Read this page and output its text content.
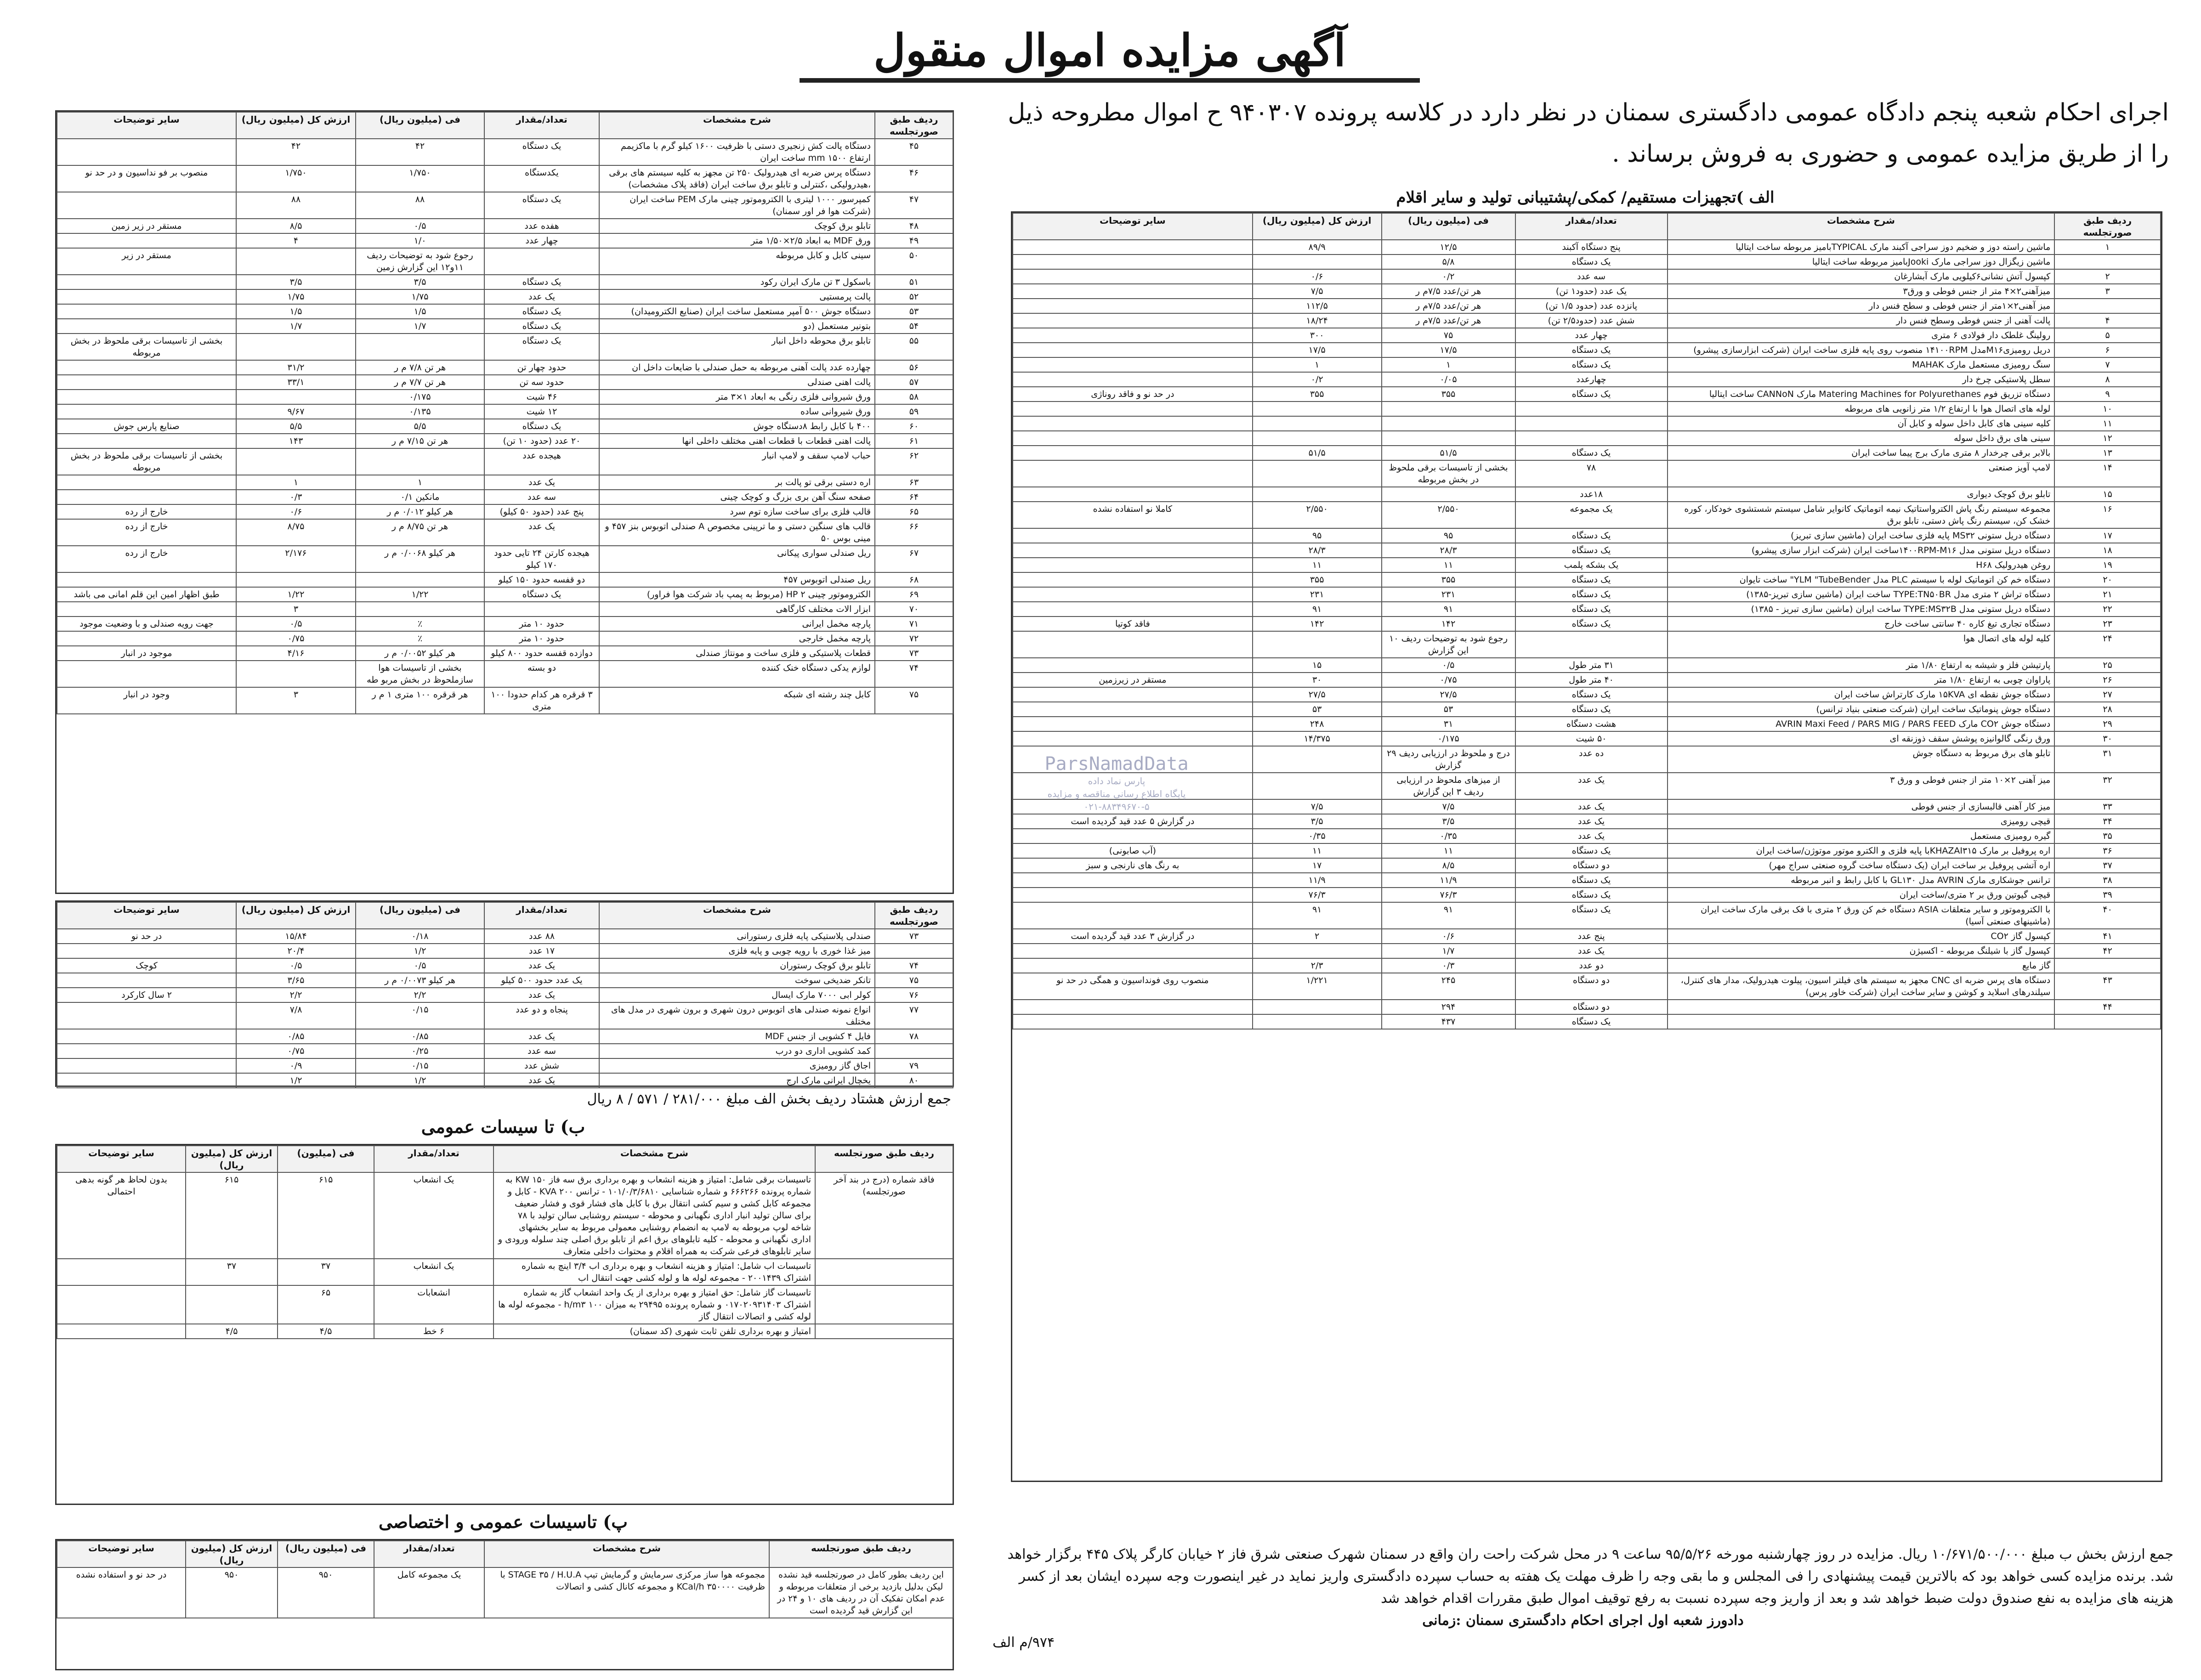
آگهی مزایده اموال منقول
اجرای احکام شعبه پنجم دادگاه عمومی دادگستری سمنان در نظر دارد در کلاسه پرونده ۹۴۰۳۰۷ ح اموال مطروحه ذیل را از طریق مزایده عمومی و حضوری به فروش برساند .
الف )تجهیزات مستقیم/ کمکی/پشتیبانی تولید و سایر اقلام
ردیف طبق صورتجلسه	شرح مشخصات	تعداد/مقدار	فی (میلیون ریال)	ارزش کل (میلیون ریال)	سایر توضیحات
۱	ماشین راسته دوز و ضخیم دوز سراجی آکبند مارک TYPICALبامیز مربوطه ساخت ایتالیا	پنج دستگاه آکبند	۱۲/۵	۸۹/۹	
	ماشین زیگزال دوز سراجی مارک Jookiبامیز مربوطه ساخت ایتالیا	یک دستگاه	۵/۸		
۲	کپسول آتش نشانی۶کیلویی مارک آبشارغان	سه عدد	۰/۲	۰/۶	
۳	میزآهنی۲×۴ متر از جنس فوطی و ورق۳	یک عدد (حدود۱ تن)	هر تن/عدد ۷/۵م ر	۷/۵	
	میز آهنی۲×۱متر از جنس فوطی و سطح فنس دار	پانزده عدد (حدود ۱/۵ تن)	هر تن/عدد ۷/۵م ر	۱۱۲/۵	
۴	پالت آهنی از جنس فوطی وسطح فنس دار	شش عدد (حدود۲/۵ تن)	هر تن/عدد ۷/۵م ر	۱۸/۲۴	
۵	رولینگ غلطک دار فولادی ۶ متری	چهار عدد	۷۵	۳۰۰	
۶	دریل رومیزیM۱۶مدل ۱۴۱۰۰RPM منصوب روی پایه فلزی ساخت ایران (شرکت ابزارسازی پیشرو)	یک دستگاه	۱۷/۵	۱۷/۵	
۷	سنگ رومیزی مستعمل مارک MAHAK	یک دستگاه	۱	۱	
۸	سطل پلاستیکی چرخ دار	چهارعدد	۰/۰۵	۰/۲	
۹	دستگاه تزریق فوم Matering Machines for Polyurethanes مارک CANNoN ساخت ایتالیا	یک دستگاه	۳۵۵	۳۵۵	در حد نو و فاقد روناژی
۱۰	لوله های اتصال هوا با ارتفاع ۱/۲ متر زانویی های مربوطه				
۱۱	کلیه سینی های کابل داخل سوله و کابل آن				
۱۲	سینی های برق داخل سوله				
۱۳	بالابر برقی چرخدار ۸ متری مارک برج پیما ساخت ایران	یک دستگاه	۵۱/۵	۵۱/۵	
۱۴	لامپ آویز صنعتی	۷۸	بخشی از تاسیسات برقی ملحوظ در بخش مربوطه		
۱۵	تابلو برق کوچک دیواری	۱۸عدد			
۱۶	مجموعه سیستم رنگ پاش الکترواستاتیک نیمه اتوماتیک کانوایر شامل سیستم شستشوی خودکار، کوره خشک کن، سیستم رنگ پاش دستی، تابلو برق	یک مجموعه	۲/۵۵۰	۲/۵۵۰	کاملا نو استفاده نشده
۱۷	دستگاه دریل ستونی MS۳۲ پایه فلزی ساخت ایران (ماشین سازی تبریز)	یک دستگاه	۹۵	۹۵	
۱۸	دستگاه دریل ستونی مدل ۱۴۰۰RPM-M۱۶ساخت ایران (شرکت ابزار سازی پیشرو)	یک دستگاه	۲۸/۳	۲۸/۳	
۱۹	روغن هیدرولیک H۶۸	یک بشکه پلمب	۱۱	۱۱	
۲۰	دستگاه خم کن اتوماتیک لوله با سیستم PLC مدل YLM "TubeBender" ساخت تایوان	یک دستگاه	۳۵۵	۳۵۵	
۲۱	دستگاه تراش ۲ متری مدل TYPE:TN۵۰BR ساخت ایران (ماشین سازی تبریز-۱۳۸۵)	یک دستگاه	۲۳۱	۲۳۱	
۲۲	دستگاه دریل ستونی مدل TYPE:MS۳۲B ساخت ایران (ماشین سازی تبریز - ۱۳۸۵)	یک دستگاه	۹۱	۹۱	
۲۳	دستگاه تجاری تیغ کاره ۴۰ سانتی ساخت خارج	یک دستگاه	۱۴۲	۱۴۲	فاقد کوتیا
۲۴	کلیه لوله های اتصال هوا		رجوع شود به توضیحات ردیف ۱۰ این گزارش		
۲۵	پارتیشن فلز و شیشه به ارتفاع ۱/۸۰ متر	۳۱ متر طول	۰/۵	۱۵	
۲۶	پاراوان چوبی به ارتفاع ۱/۸۰ متر	۴۰ متر طول	۰/۷۵	۳۰	مستقر در زیرزمین
۲۷	دستگاه جوش نقطه ای ۱۵KVA مارک کارتراش ساخت ایران	یک دستگاه	۲۷/۵	۲۷/۵	
۲۸	دستگاه جوش پنوماتیک ساخت ایران (شرکت صنعتی بنیاد ترانس)	یک دستگاه	۵۳	۵۳	
۲۹	دستگاه جوش CO۲ مارک AVRIN Maxi Feed / PARS MIG / PARS FEED	هشت دستگاه	۳۱	۲۴۸	
۳۰	ورق رنگی گالوانیزه پوشش سقف ذوزنقه ای	۵۰ شیت	۰/۱۷۵	۱۴/۳۷۵	
۳۱	تابلو های برق مربوط به دستگاه جوش	ده عدد	درج و ملحوظ در ارزیابی ردیف ۲۹ گزارش		
۳۲	میز آهنی ۲×۱۰ متر از جنس فوطی و ورق ۳	یک عدد	از میزهای ملحوظ در ارزیابی ردیف ۳ این گزارش		
۳۳	میز کار آهنی قالبسازی از جنس فوطی	یک عدد	۷/۵	۷/۵	
۳۴	قیچی رومیزی	یک عدد	۳/۵	۳/۵	در گزارش ۵ عدد قید گردیده است
۳۵	گیره رومیزی مستعمل	یک عدد	۰/۳۵	۰/۳۵	
۳۶	اره پروفیل بر مارک KHAZAI۳۱۵با پایه فلزی و الکترو موتور موتوژن/ساخت ایران	یک دستگاه	۱۱	۱۱	(آب صابونی)
۳۷	اره آتشی پروفیل بر ساخت ایران (یک دستگاه ساخت گروه صنعتی سراج مهر)	دو دستگاه	۸/۵	۱۷	به رنگ های نارنجی و سبز
۳۸	ترانس جوشکاری مارک AVRIN مدل GL۱۳۰ با کابل رابط و انبر مربوطه	یک دستگاه	۱۱/۹	۱۱/۹	
۳۹	قیچی گیوتین ورق بر ۲ متری/ساخت ایران	یک دستگاه	۷۶/۳	۷۶/۳	
۴۰	با الکتروموتور و سایر متعلقات ASIA دستگاه خم کن ورق ۲ متری با فک برقی مارک ساخت ایران (ماشینهای صنعتی آسیا)	یک دستگاه	۹۱	۹۱	
۴۱	کپسول گاز CO۲	پنج عدد	۰/۶	۲	در گزارش ۳ عدد قید گردیده است
۴۲	کپسول گاز با شیلنگ مربوطه - اکسیژن	یک عدد	۱/۷		
	گاز مایع	دو عدد	۰/۳	۲/۳	
۴۳	دستگاه های پرس ضربه ای CNC مجهز به سیستم های فیلتر اسیون، پیلوت هیدرولیک، مدار های کنترل، سیلندرهای اسلاید و کوشن و سایر ساخت ایران (شرکت خاور پرس)	دو دستگاه	۲۴۵	۱/۲۲۱	منصوب روی فونداسیون و همگی در حد نو
۴۴		دو دستگاه	۲۹۴		
		یک دستگاه	۴۳۷		
ردیف طبق صورتجلسه	شرح مشخصات	تعداد/مقدار	فی (میلیون ریال)	ارزش کل (میلیون ریال)	سایر توضیحات
۴۵	دستگاه پالت کش زنجیری دستی با ظرفیت ۱۶۰۰ کیلو گرم با ماکزیمم ارتفاع ۱۵۰۰ mm ساخت ایران	یک دستگاه	۴۲	۴۲	
۴۶	دستگاه پرس ضربه ای هیدرولیک ۲۵۰ تن مجهز به کلیه سیستم های برقی ،هیدرولیکی ،کنترلی و تابلو برق ساخت ایران (فاقد پلاک مشخصات)	یکدستگاه	۱/۷۵۰	۱/۷۵۰	منصوب بر فو نداسیون و در حد نو
۴۷	کمپرسور ۱۰۰۰ لیتری با الکتروموتور چینی مارک PEM ساخت ایران (شرکت هوا فر اور سمنان)	یک دستگاه	۸۸	۸۸	
۴۸	تابلو برق کوچک	هفده عدد	۰/۵	۸/۵	مستقر در زیر زمین
۴۹	ورق MDF به ابعاد ۲/۵×۱/۵۰ متر	چهار عدد	۱/۰	۴	
۵۰	سینی کابل و کابل مربوطه		رجوع شود به توضیحات ردیف ۱۱و۱۲ این گزارش زمین		مستقر در زیر
۵۱	باسکول ۳ تن مارک ایران رکود	یک دستگاه	۳/۵	۳/۵	
۵۲	پالت پرمستیی	یک عدد	۱/۷۵	۱/۷۵	
۵۳	دستگاه جوش ۵۰۰ آمپر مستعمل ساخت ایران (صنایع الکترومیدان)	یک دستگاه	۱/۵	۱/۵	
۵۴	بتونیر مستعمل (دو	یک دستگاه	۱/۷	۱/۷	
۵۵	تابلو برق محوطه داخل انبار	یک دستگاه			بخشی از تاسیسات برقی ملحوظ در بخش مربوطه
۵۶	چهارده عدد پالت آهنی مربوطه به حمل صندلی با ضایعات داخل ان	حدود چهار تن	هر تن ۷/۸ م ر	۳۱/۲	
۵۷	پالت اهنی صندلی	حدود سه تن	هر تن ۷/۷ م ر	۳۳/۱	
۵۸	ورق شیروانی فلزی رنگی به ابعاد ۱×۳ متر	۴۶ شیت	۰/۱۷۵		
۵۹	ورق شیروانی ساده	۱۲ شیت	۰/۱۳۵	۹/۶۷	
۶۰	۴۰۰ با کابل رابط ۸دستگاه جوش	یک دستگاه	۵/۵	۵/۵	صنایع پارس جوش
۶۱	پالت اهنی قطعات با قطعات اهنی مختلف داخلی انها	۲۰ عدد (حدود ۱۰ تن)	هر تن ۷/۱۵ م ر	۱۴۳	
۶۲	حباب لامپ سقف و لامپ انبار	هیجده عدد			بخشی از تاسیسات برقی ملحوظ در بخش مربوطه
۶۳	اره دستی برقی تو پالت بر	یک عدد	۱	۱	
۶۴	صفحه سنگ آهن بری بزرگ و کوچک چینی	سه عدد	مانکین ۰/۱	۰/۳	
۶۵	قالب فلزی برای ساخت سازه توم سرد	پنج عدد (حدود ۵۰ کیلو)	هر کیلو ۰/۰۱۲ م ر	۰/۶	خارج از رده
۶۶	قالب های سنگین دستی و ما ترپینی مخصوص A صندلی اتوبوس بنز ۴۵۷ و مینی بوس ۵۰	یک عدد	هر تن ۸/۷۵ م ر	۸/۷۵	خارج از رده
۶۷	ریل صندلی سواری پیکانی	هیجده کارتن ۲۴ تایی حدود ۱۷۰ کیلو	هر کیلو ۰/۰۰۶۸ م ر	۲/۱۷۶	خارج از رده
۶۸	ریل صندلی اتوبوس ۴۵۷	دو قفسه حدود ۱۵۰ کیلو			
۶۹	الکتروموتور چینی HP ۲ (مربوط به پمپ باد شرکت هوا فراور)	یک دستگاه	۱/۲۲	۱/۲۲	طبق اظهار امین این قلم امانی می باشد
۷۰	ابزار الات مختلف کارگاهی			۳	
۷۱	پارچه مخمل ایرانی	حدود ۱۰ متر	٪	۰/۵	جهت رویه صندلی و با وضعیت موجود
۷۲	پارچه مخمل خارجی	حدود ۱۰ متر	٪	۰/۷۵	
۷۳	قطعات پلاستیکی و فلزی ساخت و مونتاژ صندلی	دوازده قفسه حدود ۸۰۰ کیلو	هر کیلو ۰/۰۰۵۲ م ر	۴/۱۶	موجود در انبار
۷۴	لوازم یدکی دستگاه خنک کننده	دو بسته	بخشی از تاسیسات هوا سازملحوظ در بخش مربو طه		
۷۵	کابل چند رشته ای شبکه	۳ قرقره هر کدام حدودا ۱۰۰ متری	هر قرقره ۱۰۰ متری ۱ م ر	۳	وجود در انبار
ردیف طبق صورتجلسه	شرح مشخصات	تعداد/مقدار	فی (میلیون ریال)	ارزش کل (میلیون ریال)	سایر توضیحات
۷۳	صندلی پلاستیکی پایه فلزی رستورانی	۸۸ عدد	۰/۱۸	۱۵/۸۴	در حد نو
	میز غذا خوری با رویه چوبی و پایه فلزی	۱۷ عدد	۱/۲	۲۰/۴	
۷۴	تابلو برق کوچک رستوران	یک عدد	۰/۵	۰/۵	کوچک
۷۵	تانکر ضدیخی سوخت	یک عدد حدود ۵۰۰ کیلو	هر کیلو ۰/۰۰۷۳ م ر	۳/۶۵	
۷۶	کولر ابی ۷۰۰۰ مارک ایسال	یک عدد	۲/۲	۲/۲	۲ سال کارکرد
۷۷	انواع نمونه صندلی های اتوبوس درون شهری و برون شهری در مدل های مختلف	پنجاه و دو عدد	۰/۱۵	۷/۸	
۷۸	فایل ۴ کشویی از جنس MDF	یک عدد	۰/۸۵	۰/۸۵	
	کمد کشویی اداری دو درب	سه عدد	۰/۲۵	۰/۷۵	
۷۹	اجاق گاز رومیزی	شش عدد	۰/۱۵	۰/۹	
۸۰	یخچال ایرانی مارک ارج	یک عدد	۱/۲	۱/۲	
جمع ارزش هشتاد ردیف بخش الف مبلغ ۲۸۱/۰۰۰ / ۵۷۱ / ۸ ریال
ب) تا سیسات عمومی
ردیف طبق صورتجلسه	شرح مشخصات	تعداد/مقدار	فی (میلیون)	ارزش کل (میلیون ریال)	سایر توضیحات
فاقد شماره (درج در بند آخر صورتجلسه)	تاسیسات برقی شامل: امتیاز و هزینه انشعاب و بهره برداری برق سه فاز ۱۵۰ KW به شماره پرونده ۶۶۶۲۶۶ و شماره شناسایی ۱۰۱/۰/۳/۶۸۱۰ - ترانس ۲۰۰ KVA - کابل و مجموعه کابل کشی و سیم کشی انتقال برق با کابل های فشار قوی و فشار ضعیف برای سالن تولید انبار اداری نگهبانی و محوطه - سیستم روشنایی سالن تولید با ۷۸ شاخه لوپ مربوطه به لامپ به انضمام روشنایی معمولی مربوط به سایر بخشهای اداری نگهبانی و محوطه - کلیه تابلوهای برق اعم از تابلو برق اصلی چند سلوله ورودی و سایر تابلوهای فرعی شرکت به همراه اقلام و محتوات داخلی متعارف	یک انشعاب	۶۱۵	۶۱۵	بدون لحاظ هر گونه بدهی احتمالی
	تاسیسات اب شامل: امتیاز و هزینه انشعاب و بهره برداری اب ۳/۴ اینچ به شماره اشتراک ۲۰۰۱۴۳۹ - مجموعه لوله ها و لوله کشی جهت انتقال اب	یک انشعاب	۳۷	۳۷	
	تاسیسات گاز شامل: حق امتیاز و بهره برداری از یک واحد انشعاب گاز به شماره اشتراک ۰۱۷۰۲۰۹۳۱۴۰۳ و شماره پرونده ۲۹۴۹۵ به میزان ۱۰۰ h/m۳ - مجموعه لوله ها لوله کشی و اتصالات انتقال گاز	انشعابات	۶۵		
	امتیاز و بهره برداری تلفن ثابت شهری (کد سمنان)	۶ خط	۴/۵	۴/۵	
پ) تاسیسات عمومی و اختصاصی
ردیف طبق صورتجلسه	شرح مشخصات	تعداد/مقدار	فی (میلیون ریال)	ارزش کل (میلیون ریال)	سایر توضیحات
این ردیف بطور کامل در صورتجلسه قید نشده لیکن بدلیل بازدید برخی از متعلقات مربوطه و عدم امکان تفکیک آن در ردیف های ۱۰ و ۲۴ در این گزارش قید گردیده است	مجموعه هوا ساز مرکزی سرمایش و گرمایش تیپ STAGE ۳۵ / H.U.A با ظرفیت ۳۵۰۰۰۰ KCal/h و مجموعه کانال کشی و اتصالات	یک مجموعه کامل	۹۵۰	۹۵۰	در حد نو و استفاده نشده
ParsNamadData
پارس نماد داده
پایگاه اطلاع رسانی مناقصه و مزایده
۰۲۱-۸۸۳۴۹۶۷۰-۵
جمع ارزش بخش ب مبلغ ۱۰/۶۷۱/۵۰۰/۰۰۰ ریال. مزایده در روز چهارشنبه مورخه ۹۵/۵/۲۶ ساعت ۹ در محل شرکت راحت ران واقع در سمنان شهرک صنعتی شرق فاز ۲ خیابان کارگر پلاک ۴۴۵ برگزار خواهد شد. برنده مزایده کسی خواهد بود که بالاترین قیمت پیشنهادی را فی المجلس و ما بقی وجه را ظرف مهلت یک هفته به حساب سپرده دادگستری واریز نماید در غیر اینصورت وجه سپرده ایشان بعد از کسر هزینه های مزایده به نفع صندوق دولت ضبط خواهد شد و بعد از واریز وجه سپرده نسبت به رفع توقیف اموال طبق مقررات اقدام خواهد شد
دادورز شعبه اول اجرای احکام دادگستری سمنان :زمانی
۹۷۴/م الف
